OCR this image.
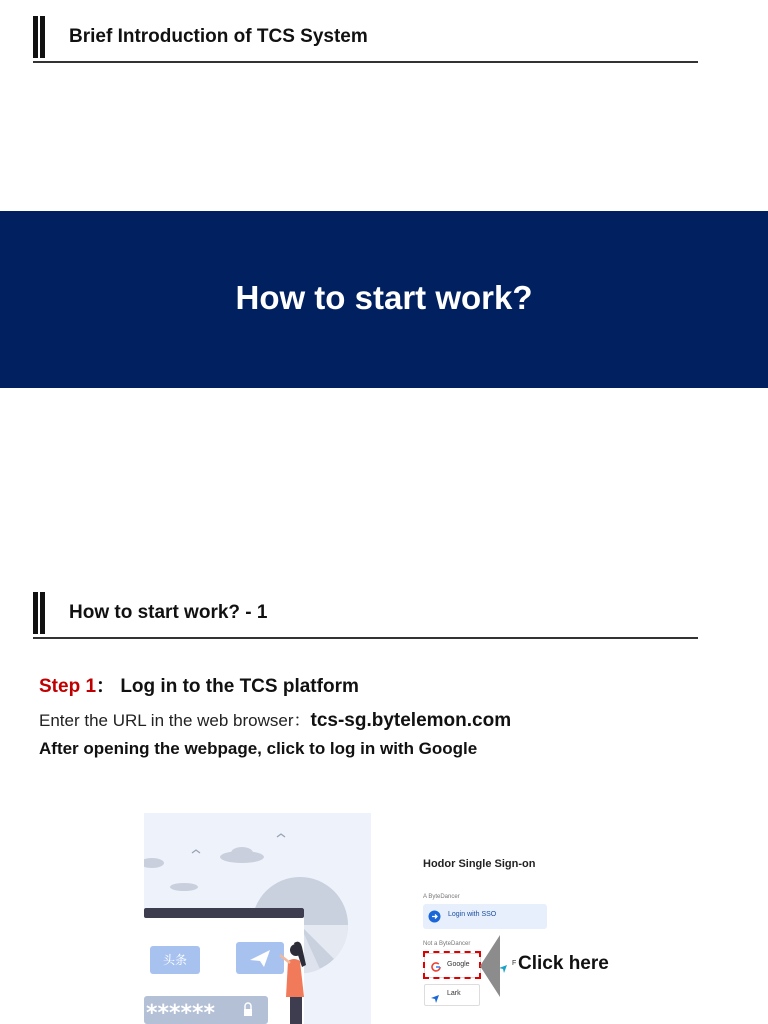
Brief Introduction of TCS System
How to start work?
How to start work? - 1
Step 1： Log in to the TCS platform
Enter the URL in the web browser：tcs-sg.bytelemon.com
After opening the webpage, click to log in with Google
头条
******
Hodor Single Sign-on
A ByteDancer
Login with SSO
Not a ByteDancer
Google	F
Lark
Click here
